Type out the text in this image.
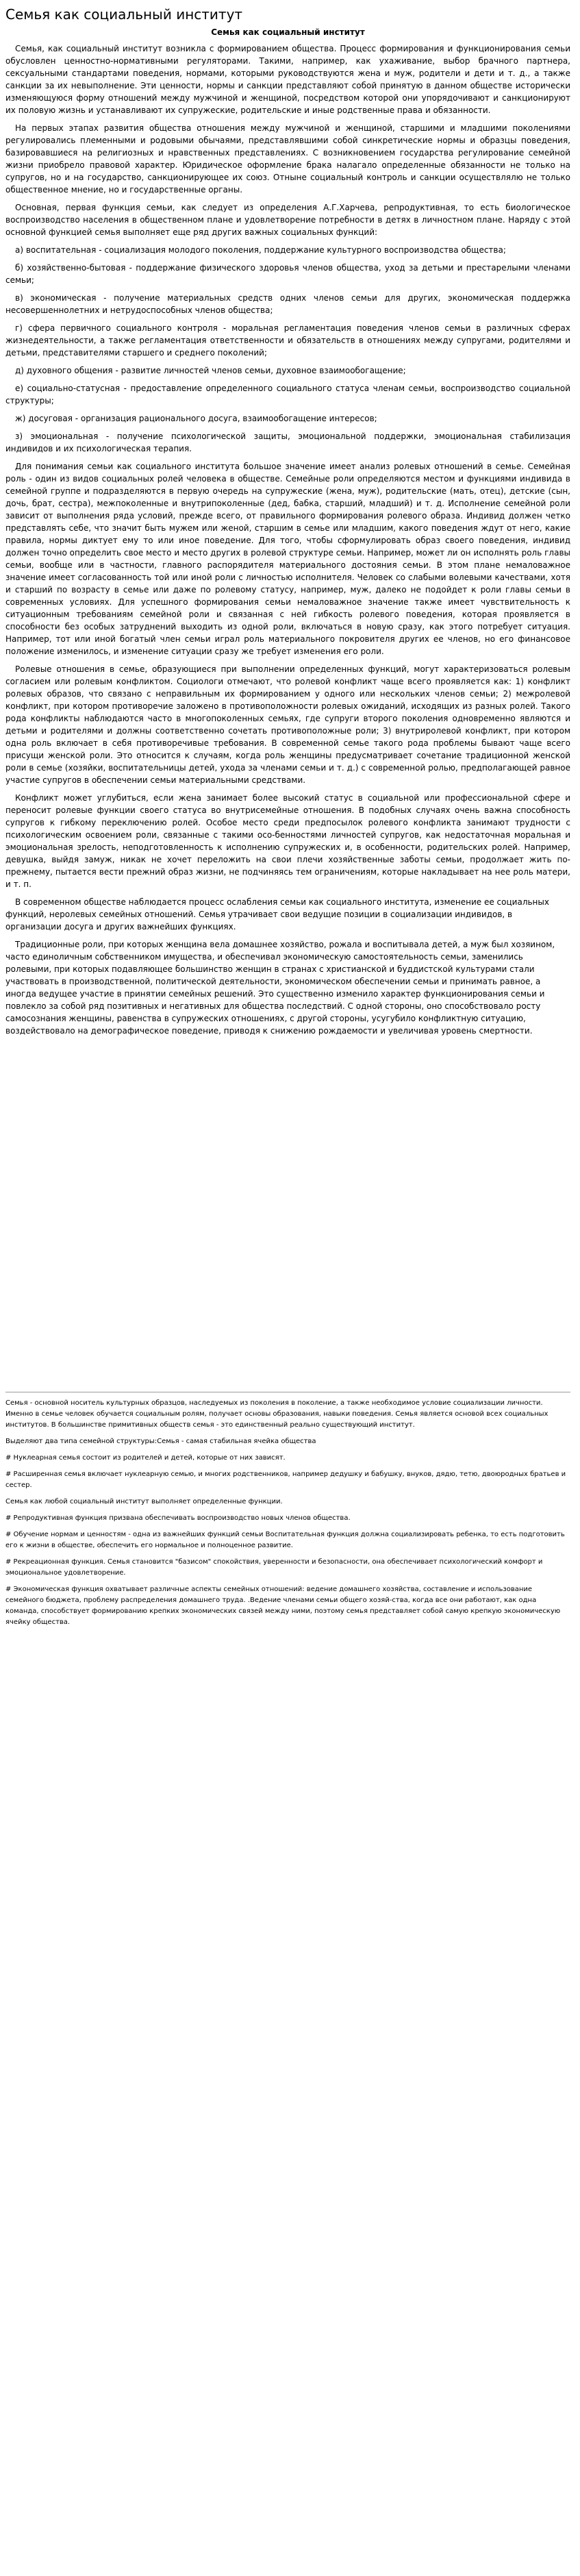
Семья как социальный институт
Семья как социальный институт

Семья, как социальный институт возникла с формированием общества. Процесс формирования и функционирования семьи обусловлен ценностно-нормативными регуляторами. Такими, например, как ухаживание, выбор брачного партнера, сексуальными стандартами поведения, нормами, которыми руководствуются жена и муж, родители и дети и т. д., а также санкции за их невыполнение. Эти ценности, нормы и санкции представляют собой принятую в данном обществе исторически изменяющуюся форму отношений между мужчиной и женщиной, посредством которой они упорядочивают и санкционируют их половую жизнь и устанавливают их супружеские, родительские и иные родственные права и обязанности.

На первых этапах развития общества отношения между мужчиной и женщиной, старшими и младшими поколениями регулировались племенными и родовыми обычаями, представлявшими собой синкретические нормы и образцы поведения, базировавшиеся на религиозных и нравственных представлениях. С возникновением государства регулирование семейной жизни приобрело правовой характер. Юридическое оформление брака налагало определенные обязанности не только на супругов, но и на государство, санкционирующее их союз. Отныне социальный контроль и санкции осуществлялю не только общественное мнение, но и государственные органы.

Основная, первая функция семьи, как следует из определения А.Г.Харчева, репродуктивная, то есть биологическое воспроизводство населения в общественном плане и удовлетворение потребности в детях в личностном плане. Наряду с этой основной функцией семья выполняет еще ряд других важных социальных функций:

а) воспитательная - социализация молодого поколения, поддержание культурного воспроизводства общества;

б) хозяйственно-бытовая - поддержание физического здоровья членов общества, уход за детьми и престарелыми членами семьи;

в) экономическая - получение материальных средств одних членов семьи для других, экономическая поддержка несовершеннолетних и нетрудоспособных членов общества;

г) сфера первичного социального контроля - моральная регламентация поведения членов семьи в различных сферах жизнедеятельности, а также регламентация ответственности и обязательств в отношениях между супругами, родителями и детьми, представителями старшего и среднего поколений;

д) духовного общения - развитие личностей членов семьи, духовное взаимообогащение;

е) социально-статусная - предоставление определенного социального статуса членам семьи, воспроизводство социальной структуры;

ж) досуговая - организация рационального досуга, взаимообогащение интересов;

з) эмоциональная - получение психологической защиты, эмоциональной поддержки, эмоциональная стабилизация индивидов и их психологическая терапия.

Для понимания семьи как социального института большое значение имеет анализ ролевых отношений в семье. Семейная роль - один из видов социальных ролей человека в обществе. Семейные роли определяются местом и функциями индивида в семейной группе и подразделяются в первую очередь на супружеские (жена, муж), родительские (мать, отец), детские (сын, дочь, брат, сестра), межпоколенные и внутрипоколенные (дед, бабка, старший, младший) и т. д. Исполнение семейной роли зависит от выполнения ряда условий, прежде всего, от правильного формирования ролевого образа. Индивид должен четко представлять себе, что значит быть мужем или женой, старшим в семье или младшим, какого поведения ждут от него, какие правила, нормы диктует ему то или иное поведение. Для того, чтобы сформулировать образ своего поведения, индивид должен точно определить свое место и место других в ролевой структуре семьи. Например, может ли он исполнять роль главы семьи, вообще или в частности, главного распорядителя материального достояния семьи. В этом плане немаловажное значение имеет согласованность той или иной роли с личностью исполнителя. Человек со слабыми волевыми качествами, хотя и старший по возрасту в семье или даже по ролевому статусу, например, муж, далеко не подойдет к роли главы семьи в современных условиях. Для успешного формирования семьи немаловажное значение также имеет чувствительность к ситуационным требованиям семейной роли и связанная с ней гибкость ролевого поведения, которая проявляется в способности без особых затруднений выходить из одной роли, включаться в новую сразу, как этого потребует ситуация. Например, тот или иной богатый член семьи играл роль материального покровителя других ее членов, но его финансовое положение изменилось, и изменение ситуации сразу же требует изменения его роли.

Ролевые отношения в семье, образующиеся при выполнении определенных функций, могут характеризоваться ролевым согласием или ролевым конфликтом. Социологи отмечают, что ролевой конфликт чаще всего проявляется как: 1) конфликт ролевых образов, что связано с неправильным их формированием у одного или нескольких членов семьи; 2) межролевой конфликт, при котором противоречие заложено в противоположности ролевых ожиданий, исходящих из разных ролей. Такого рода конфликты наблюдаются часто в многопоколенных семьях, где супруги второго поколения одновременно являются и детьми и родителями и должны соответственно сочетать противоположные роли; 3) внутриролевой конфликт, при котором одна роль включает в себя противоречивые требования. В современной семье такого рода проблемы бывают чаще всего присущи женской роли. Это относится к случаям, когда роль женщины предусматривает сочетание традиционной женской роли в семье (хозяйки, воспитательницы детей, ухода за членами семьи и т. д.) с современной ролью, предполагающей равное участие супругов в обеспечении семьи материальными средствами.

Конфликт может углубиться, если жена занимает более высокий статус в социальной или профессиональной сфере и переносит ролевые функции своего статуса во внутрисемейные отношения. В подобных случаях очень важна способность супругов к гибкому переключению ролей. Особое место среди предпосылок ролевого конфликта занимают трудности с психологическим освоением роли, связанные с такими осо-бенностями личностей супругов, как недостаточная моральная и эмоциональная зрелость, неподготовленность к исполнению супружеских и, в особенности, родительских ролей. Например, девушка, выйдя замуж, никак не хочет переложить на свои плечи хозяйственные заботы семьи, продолжает жить по-прежнему, пытается вести прежний образ жизни, не подчиняясь тем ограничениям, которые накладывает на нее роль матери, и т. п.

В современном обществе наблюдается процесс ослабления семьи как социального института, изменение ее социальных функций, неролевых семейных отношений. Семья утрачивает свои ведущие позиции в социализации индивидов, в организации досуга и других важнейших функциях.

Традиционные роли, при которых женщина вела домашнее хозяйство, рожала и воспитывала детей, а муж был хозяином, часто единоличным собственником имущества, и обеспечивал экономическую самостоятельность семьи, заменились ролевыми, при которых подавляющее большинство женщин в странах с христианской и буддистской культурами стали участвовать в производственной, политической деятельности, экономическом обеспечении семьи и принимать равное, а иногда ведущее участие в принятии семейных решений. Это существенно изменило характер функционирования семьи и повлекло за собой ряд позитивных и негативных для общества последствий. С одной стороны, оно способствовало росту самосознания женщины, равенства в супружеских отношениях, с другой стороны, усугубило конфликтную ситуацию, воздействовало на демографическое поведение, приводя к снижению рождаемости и увеличивая уровень смертности.

Семья - основной носитель культурных образцов, наследуемых из поколения в поколение, а также необходимое условие социализации личности. Именно в семье человек обучается социальным ролям, получает основы образования, навыки поведения. Семья является основой всех социальных институтов. В большинстве примитивных обществ семья - это единственный реально существующий институт.

Выделяют два типа семейной структуры:Семья - самая стабильная ячейка общества

# Нуклеарная семья состоит из родителей и детей, которые от них зависят.

# Расширенная семья включает нуклеарную семью, и многих родственников, например дедушку и бабушку, внуков, дядю, тетю, двоюродных братьев и сестер.

Семья как любой социальный институт выполняет определенные функции.

# Репродуктивная функция призвана обеспечивать воспроизводство новых членов общества.

# Обучение нормам и ценностям - одна из важнейших функций семьи Воспитательная функция должна социализировать ребенка, то есть подготовить его к жизни в обществе, обеспечить его нормальное и полноценное развитие.

# Рекреационная функция. Семья становится "базисом" спокойствия, уверенности и безопасности, она обеспечивает психологический комфорт и эмоциональное удовлетворение.

# Экономическая функция охватывает различные аспекты семейных отношений: ведение домашнего хозяйства, составление и использование семейного бюджета, проблему распределения домашнего труда. .Ведение членами семьи общего хозяй-ства, когда все они работают, как одна команда, способствует формированию крепких экономических связей между ними, поэтому семья представляет собой самую крепкую экономическую ячейку общества.
